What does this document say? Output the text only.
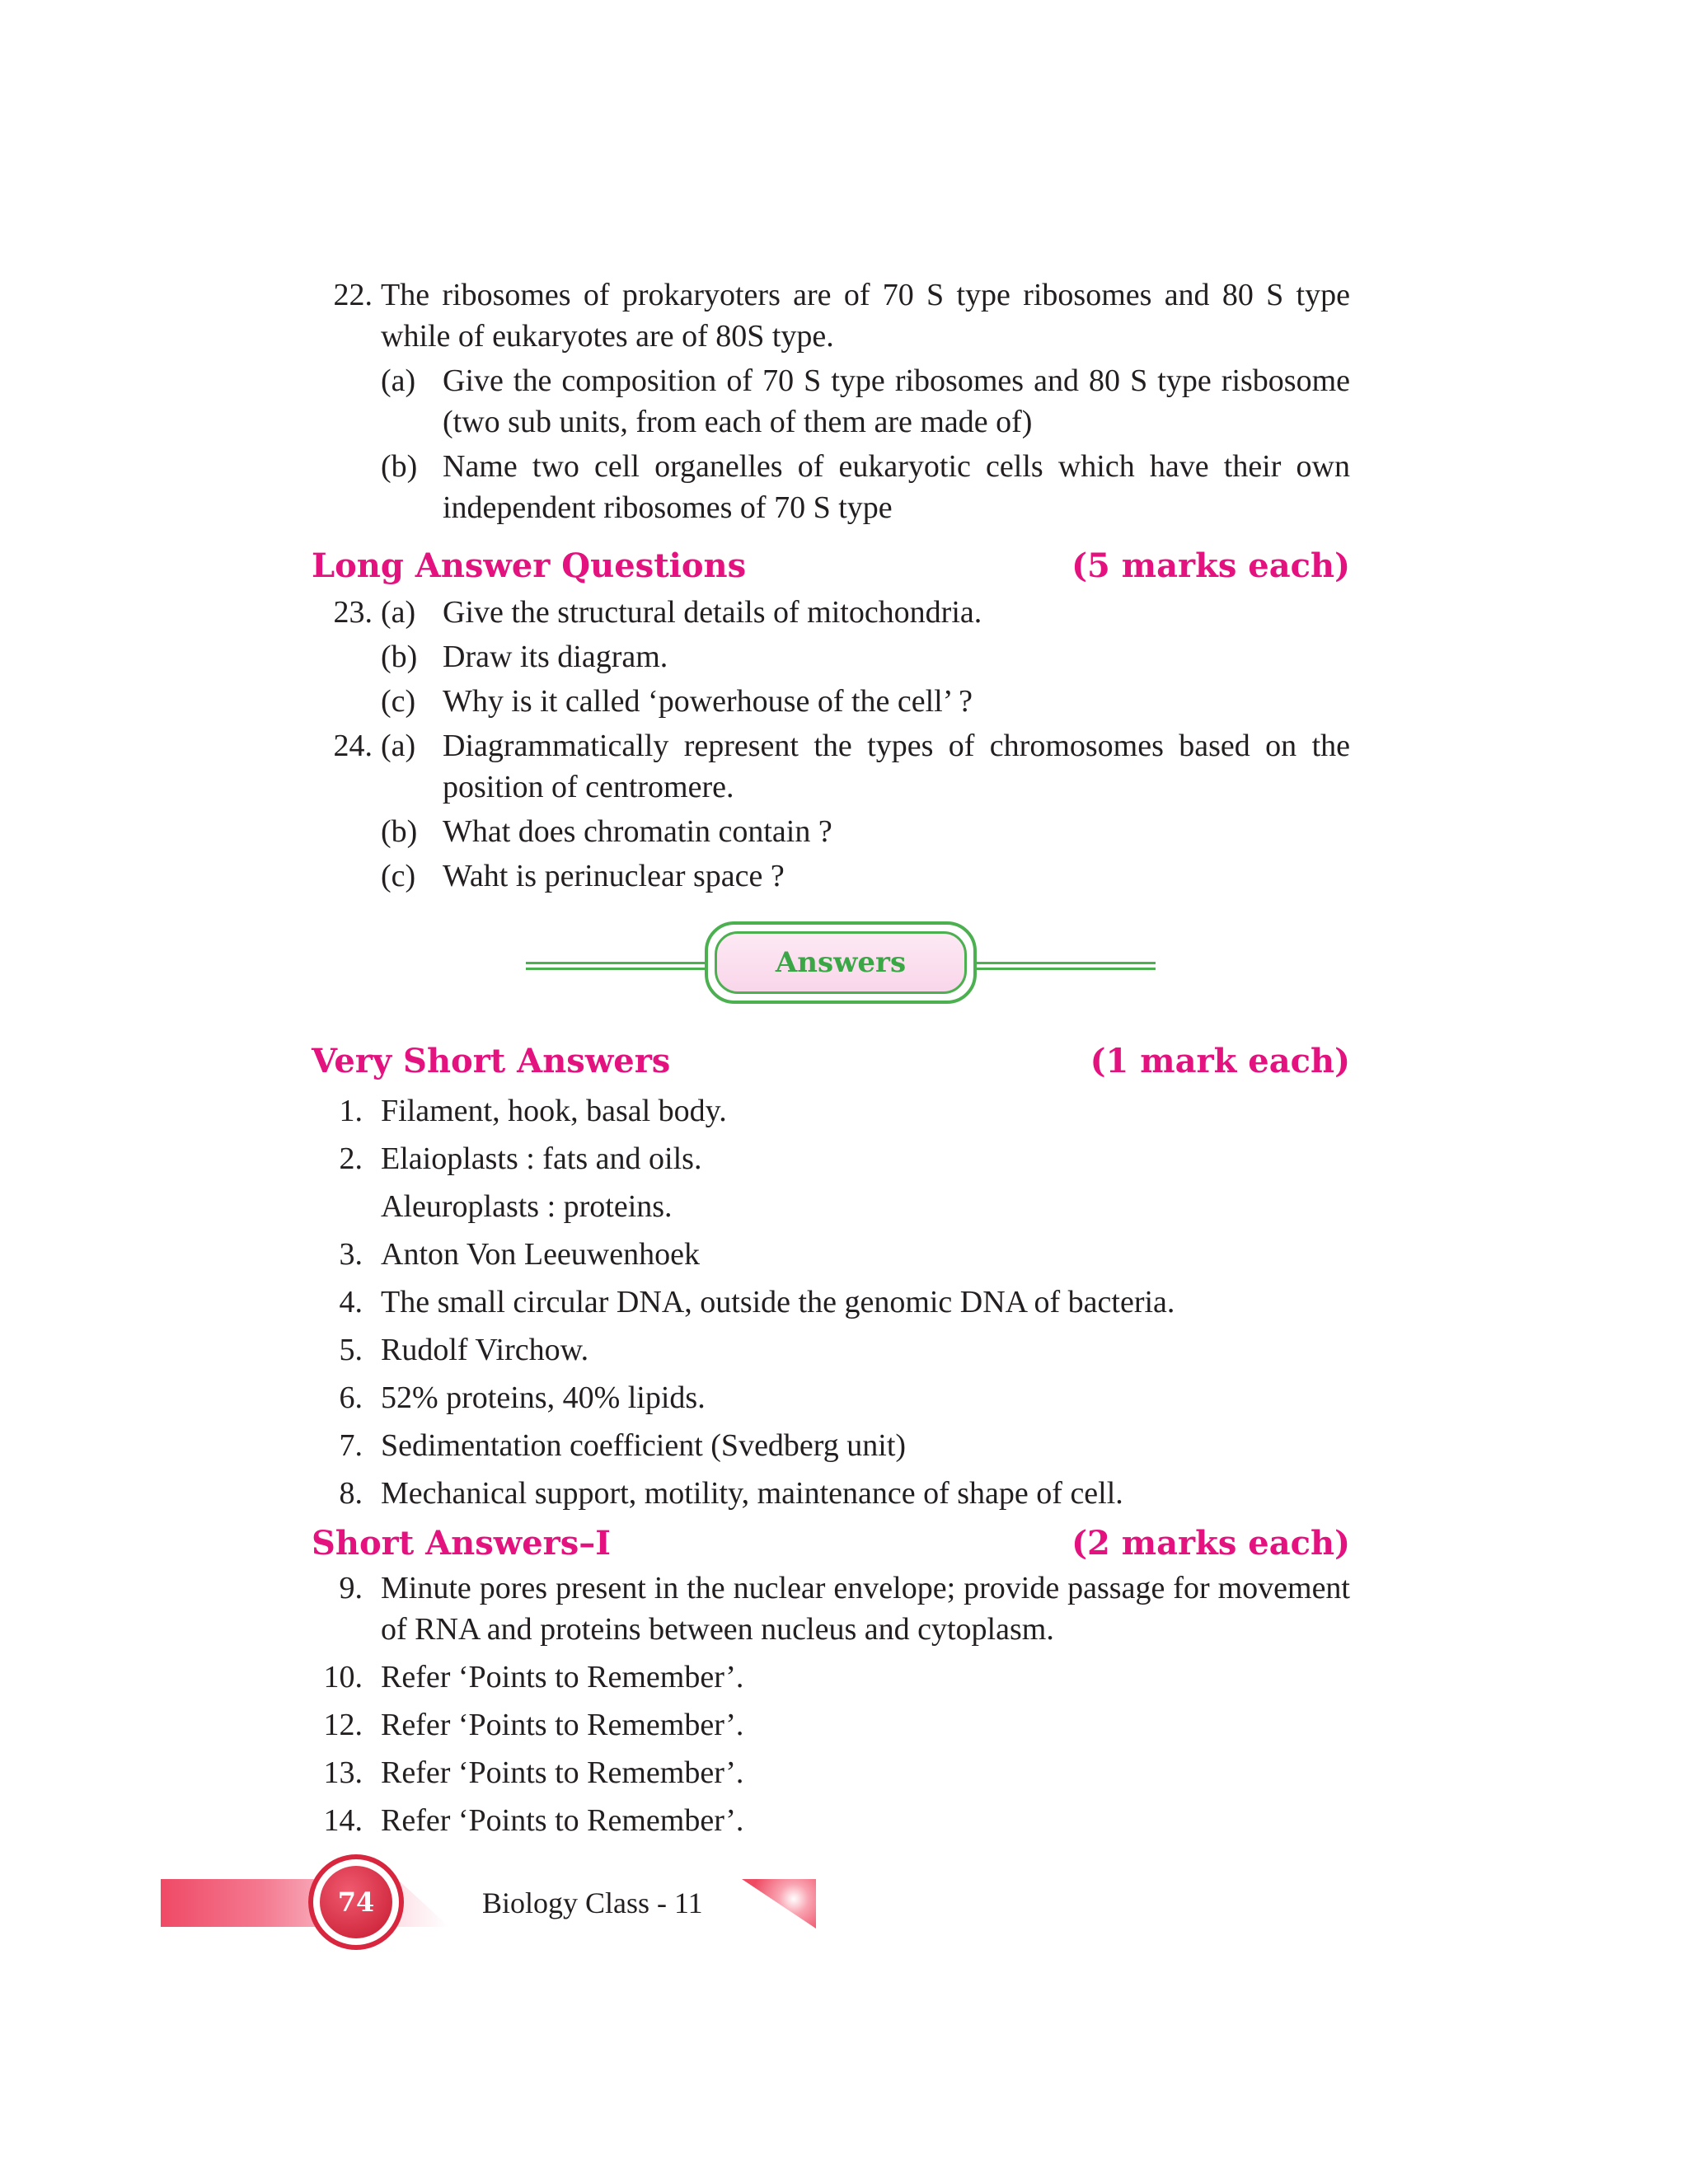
22. The ribosomes of prokaryoters are of 70 S type ribosomes and 80 S type while of eukaryotes are of 80S type.
(a) Give the composition of 70 S type ribosomes and 80 S type risbosome (two sub units, from each of them are made of)
(b) Name two cell organelles of eukaryotic cells which have their own independent ribosomes of 70 S type
Long Answer Questions	(5 marks each)
23. (a) Give the structural details of mitochondria.
(b) Draw its diagram.
(c) Why is it called ‘powerhouse of the cell’ ?
24. (a) Diagrammatically represent the types of chromosomes based on the position of centromere.
(b) What does chromatin contain ?
(c) Waht is perinuclear space ?
Answers
Very Short Answers	(1 mark each)
1. Filament, hook, basal body.
2. Elaioplasts : fats and oils.
Aleuroplasts : proteins.
3. Anton Von Leeuwenhoek
4. The small circular DNA, outside the genomic DNA of bacteria.
5. Rudolf Virchow.
6. 52% proteins, 40% lipids.
7. Sedimentation coefficient (Svedberg unit)
8. Mechanical support, motility, maintenance of shape of cell.
Short Answers–I	(2 marks each)
9. Minute pores present in the nuclear envelope; provide passage for movement of RNA and proteins between nucleus and cytoplasm.
10. Refer ‘Points to Remember’.
12. Refer ‘Points to Remember’.
13. Refer ‘Points to Remember’.
14. Refer ‘Points to Remember’.
74	Biology Class - 11
